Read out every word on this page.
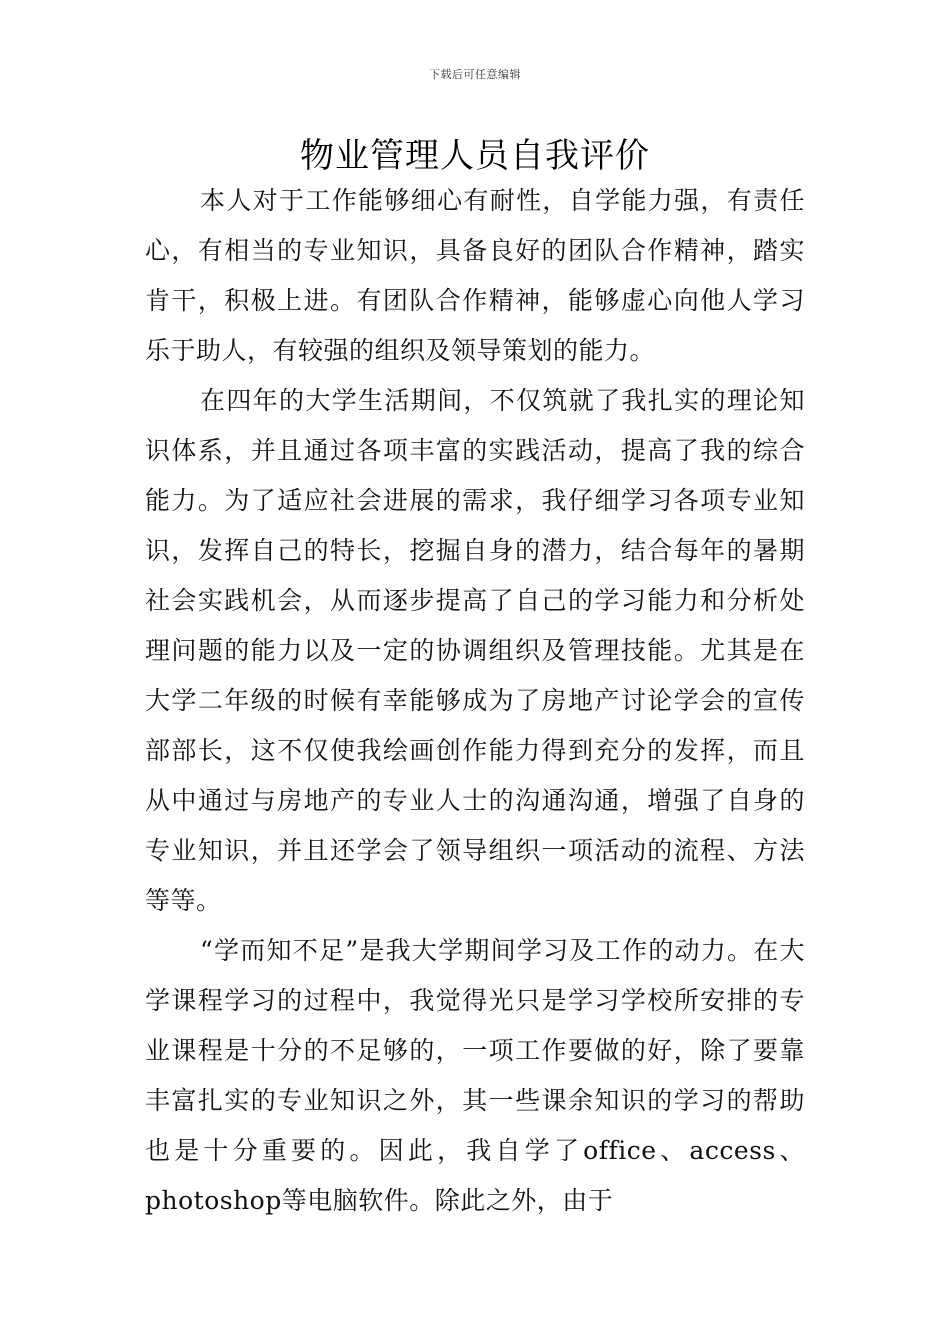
下载后可任意编辑
物业管理人员自我评价

本人对于工作能够细心有耐性，自学能力强，有责任心，有相当的专业知识，具备良好的团队合作精神，踏实肯干，积极上进。有团队合作精神，能够虚心向他人学习乐于助人，有较强的组织及领导策划的能力。

在四年的大学生活期间，不仅筑就了我扎实的理论知识体系，并且通过各项丰富的实践活动，提高了我的综合能力。为了适应社会进展的需求，我仔细学习各项专业知识，发挥自己的特长，挖掘自身的潜力，结合每年的暑期社会实践机会，从而逐步提高了自己的学习能力和分析处理问题的能力以及一定的协调组织及管理技能。尤其是在大学二年级的时候有幸能够成为了房地产讨论学会的宣传部部长，这不仅使我绘画创作能力得到充分的发挥，而且从中通过与房地产的专业人士的沟通沟通，增强了自身的专业知识，并且还学会了领导组织一项活动的流程、方法等等。

“学而知不足”是我大学期间学习及工作的动力。在大学课程学习的过程中，我觉得光只是学习学校所安排的专业课程是十分的不足够的，一项工作要做的好，除了要靠丰富扎实的专业知识之外，其一些课余知识的学习的帮助也是十分重要的。因此，我自学了office、access、photoshop等电脑软件。除此之外，由于
